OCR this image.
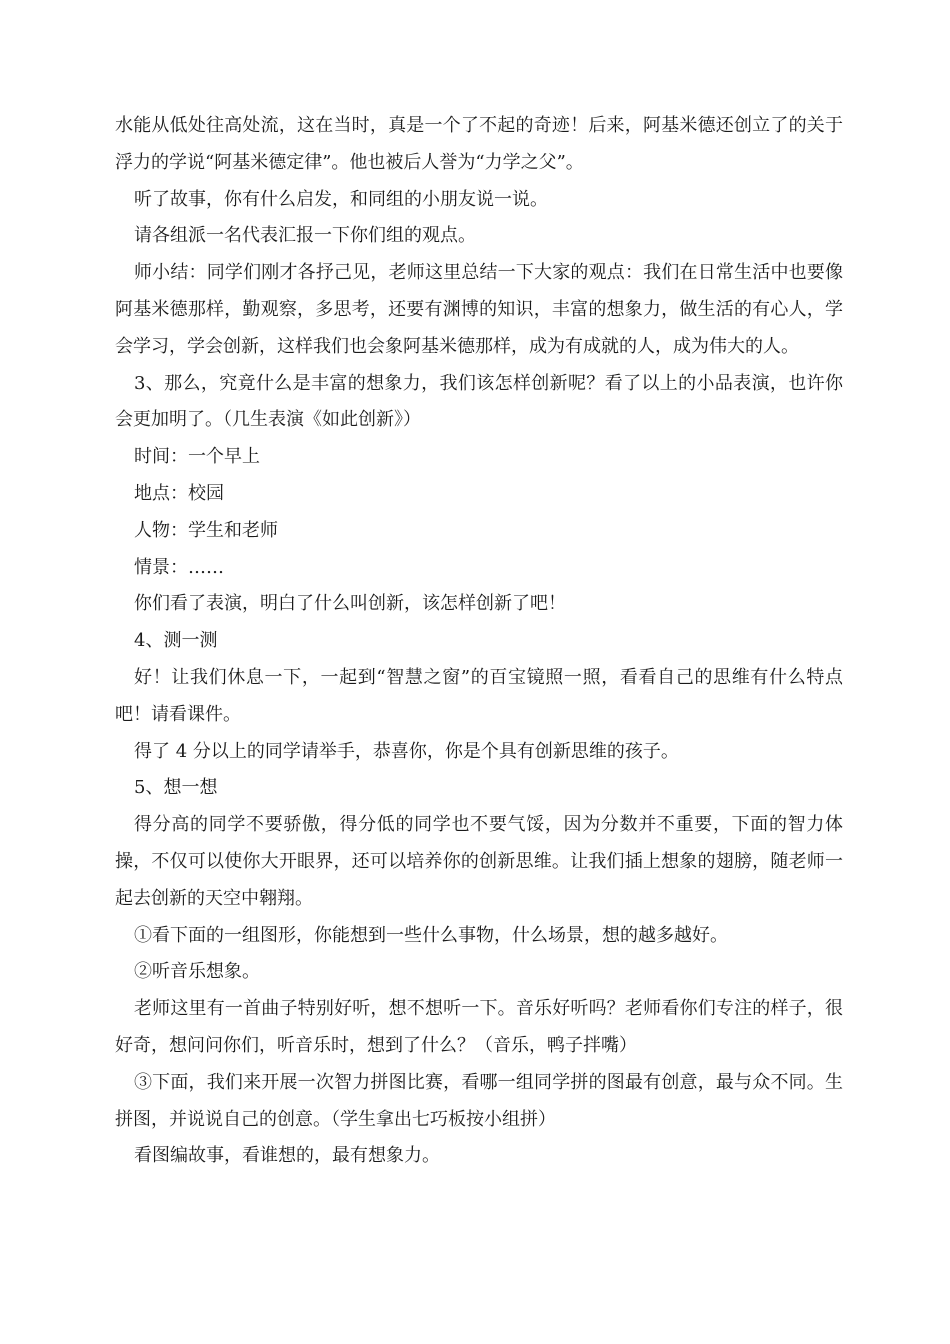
水能从低处往高处流，这在当时，真是一个了不起的奇迹！后来，阿基米德还创立了的关于浮力的学说“阿基米德定律”。他也被后人誉为“力学之父”。

听了故事，你有什么启发，和同组的小朋友说一说。

请各组派一名代表汇报一下你们组的观点。

师小结：同学们刚才各抒己见，老师这里总结一下大家的观点：我们在日常生活中也要像阿基米德那样，勤观察，多思考，还要有渊博的知识，丰富的想象力，做生活的有心人，学会学习，学会创新，这样我们也会象阿基米德那样，成为有成就的人，成为伟大的人。

3、那么，究竟什么是丰富的想象力，我们该怎样创新呢？看了以上的小品表演，也许你会更加明了。（几生表演《如此创新》）

时间：一个早上

地点：校园

人物：学生和老师

情景：……

你们看了表演，明白了什么叫创新，该怎样创新了吧！

4、测一测

好！让我们休息一下，一起到“智慧之窗”的百宝镜照一照，看看自己的思维有什么特点吧！请看课件。

得了 4 分以上的同学请举手，恭喜你，你是个具有创新思维的孩子。

5、想一想

得分高的同学不要骄傲，得分低的同学也不要气馁，因为分数并不重要，下面的智力体操，不仅可以使你大开眼界，还可以培养你的创新思维。让我们插上想象的翅膀，随老师一起去创新的天空中翱翔。

①看下面的一组图形，你能想到一些什么事物，什么场景，想的越多越好。

②听音乐想象。

老师这里有一首曲子特别好听，想不想听一下。音乐好听吗？老师看你们专注的样子，很好奇，想问问你们，听音乐时，想到了什么？（音乐，鸭子拌嘴）

③下面，我们来开展一次智力拼图比赛，看哪一组同学拼的图最有创意，最与众不同。生拼图，并说说自己的创意。（学生拿出七巧板按小组拼）

看图编故事，看谁想的，最有想象力。
